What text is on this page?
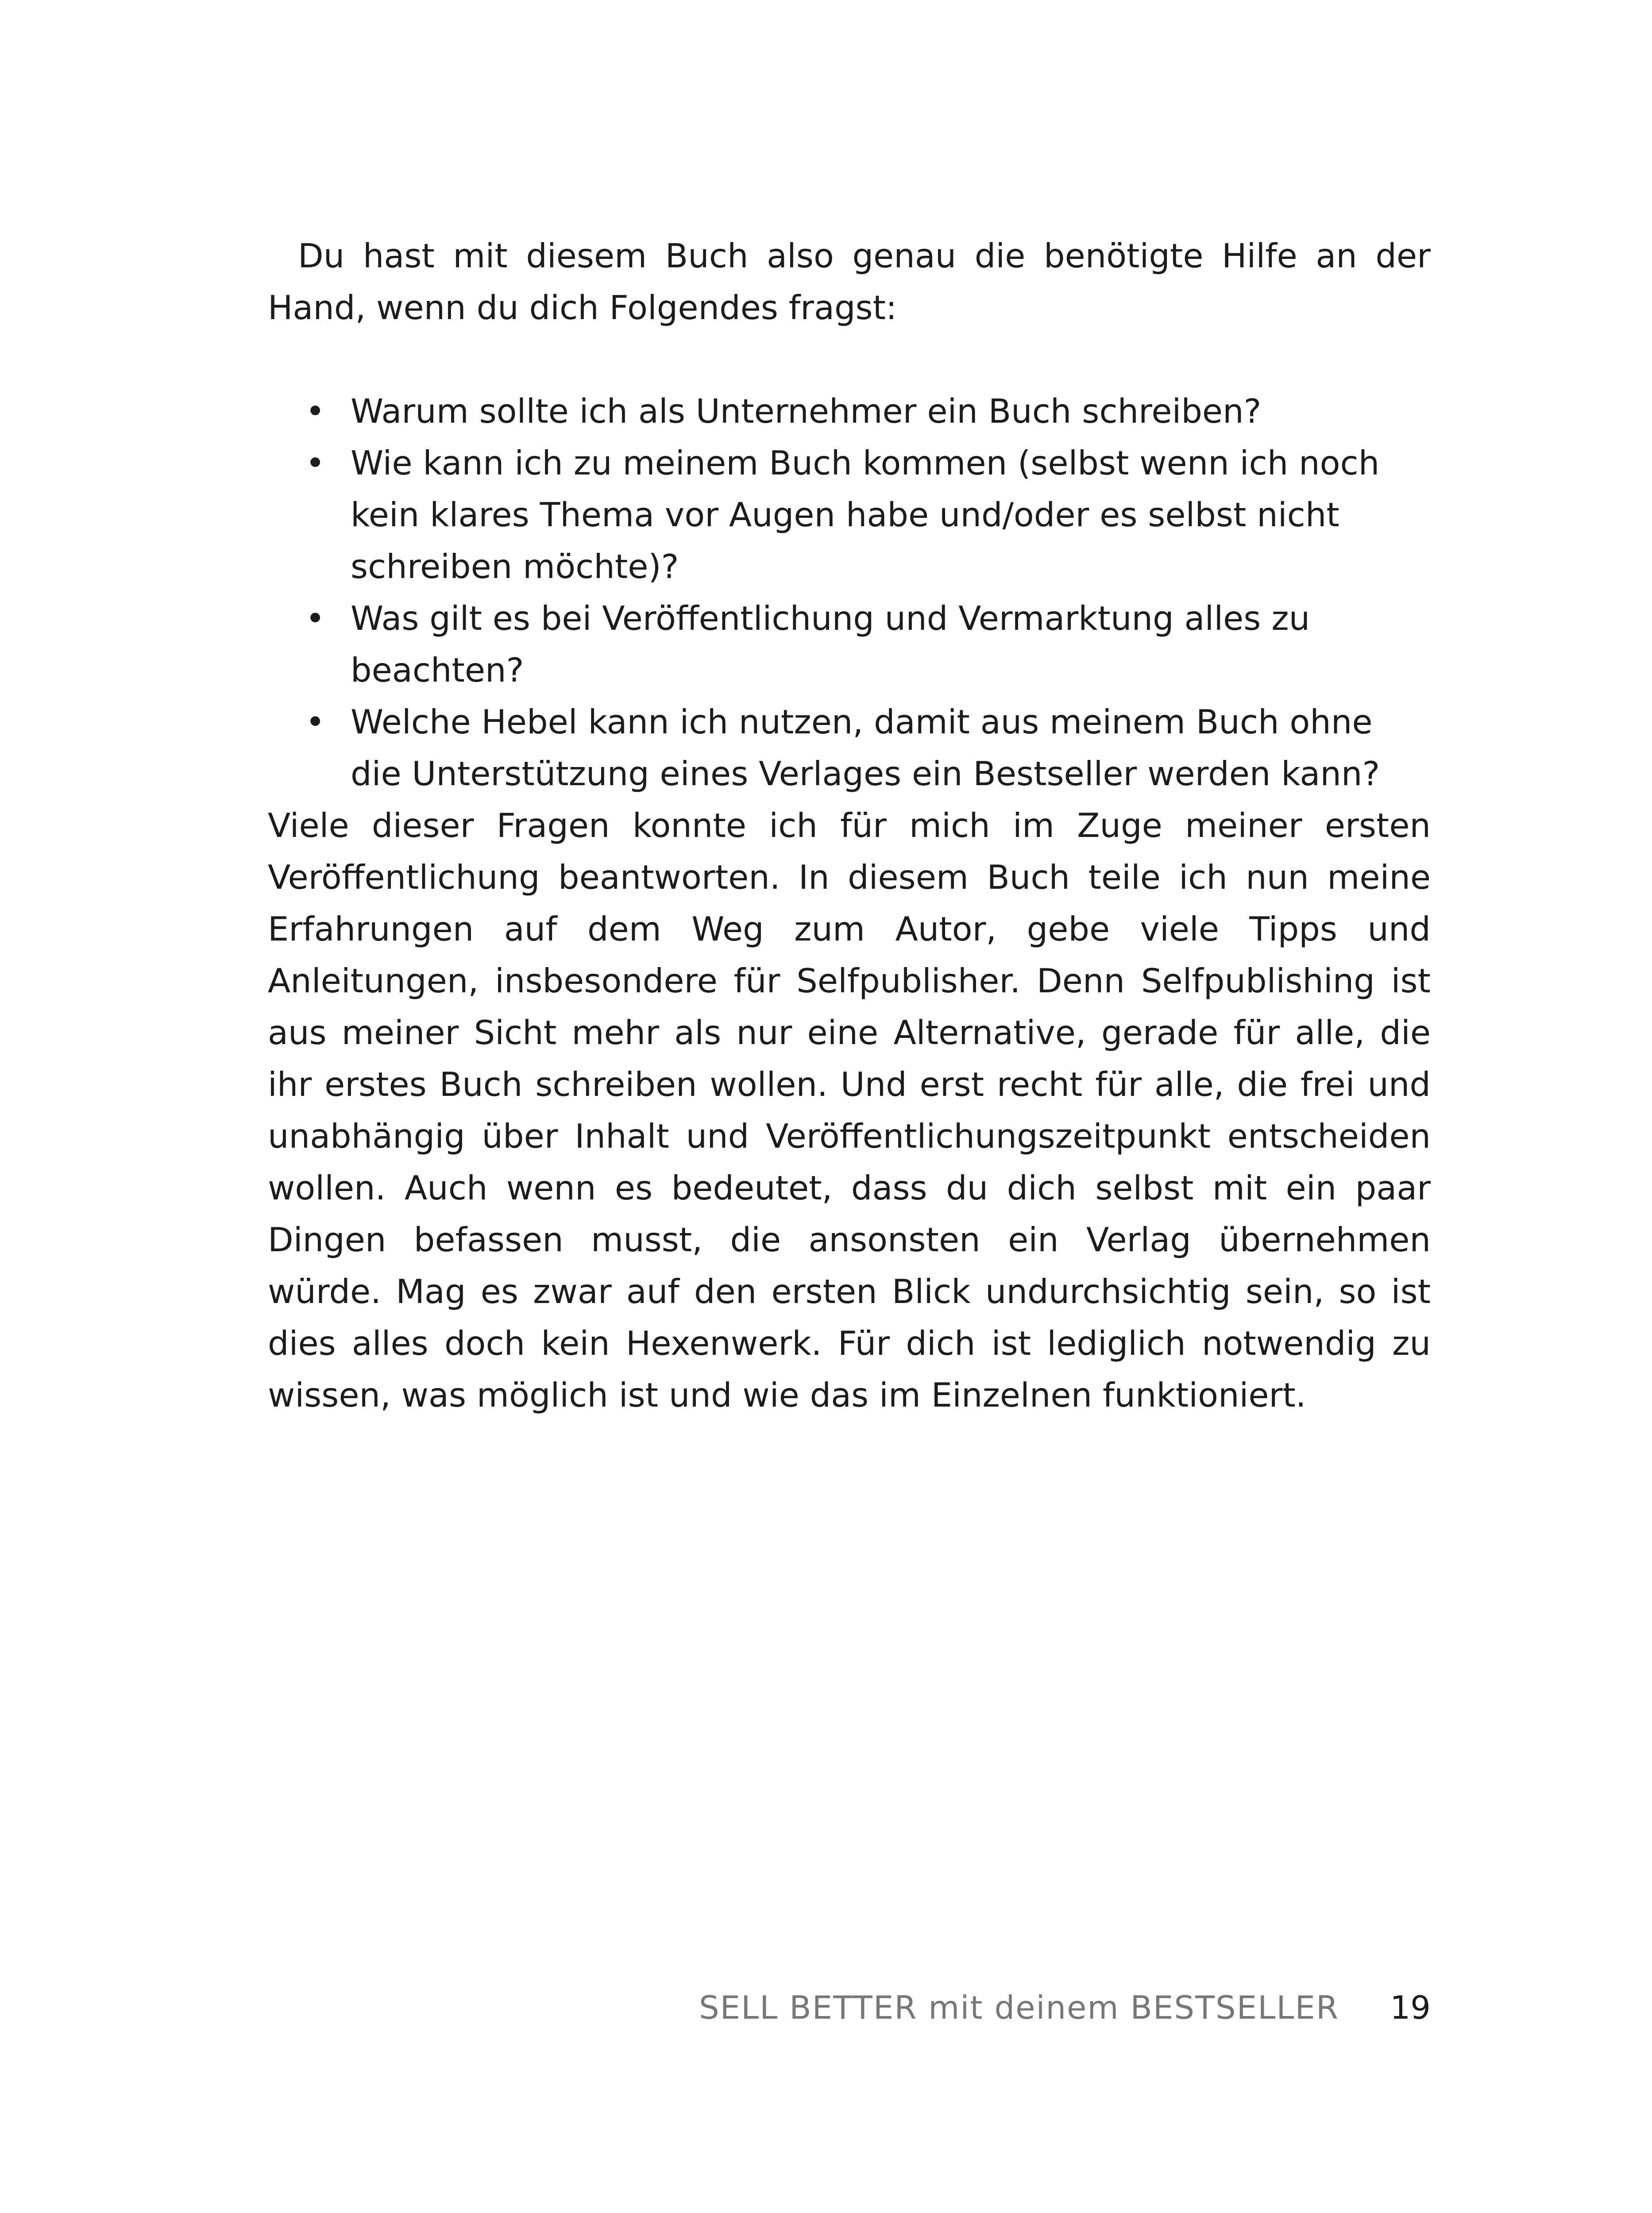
Du hast mit diesem Buch also genau die benötigte Hilfe an der Hand, wenn du dich Folgendes fragst:

• Warum sollte ich als Unternehmer ein Buch schreiben?
• Wie kann ich zu meinem Buch kommen (selbst wenn ich noch kein klares Thema vor Augen habe und/oder es selbst nicht schreiben möchte)?
• Was gilt es bei Veröffentlichung und Vermarktung alles zu beachten?
• Welche Hebel kann ich nutzen, damit aus meinem Buch ohne die Unterstützung eines Verlages ein Bestseller werden kann?

Viele dieser Fragen konnte ich für mich im Zuge meiner ersten Veröffentlichung beantworten. In diesem Buch teile ich nun meine Erfahrungen auf dem Weg zum Autor, gebe viele Tipps und Anleitungen, insbesondere für Selfpublisher. Denn Selfpublishing ist aus meiner Sicht mehr als nur eine Alternative, gerade für alle, die ihr erstes Buch schreiben wollen. Und erst recht für alle, die frei und unabhängig über Inhalt und Veröffentlichungszeitpunkt entscheiden wollen. Auch wenn es bedeutet, dass du dich selbst mit ein paar Dingen befassen musst, die ansonsten ein Verlag übernehmen würde. Mag es zwar auf den ersten Blick undurchsichtig sein, so ist dies alles doch kein Hexenwerk. Für dich ist lediglich notwendig zu wissen, was möglich ist und wie das im Einzelnen funktioniert.

SELL BETTER mit deinem BESTSELLER 19
